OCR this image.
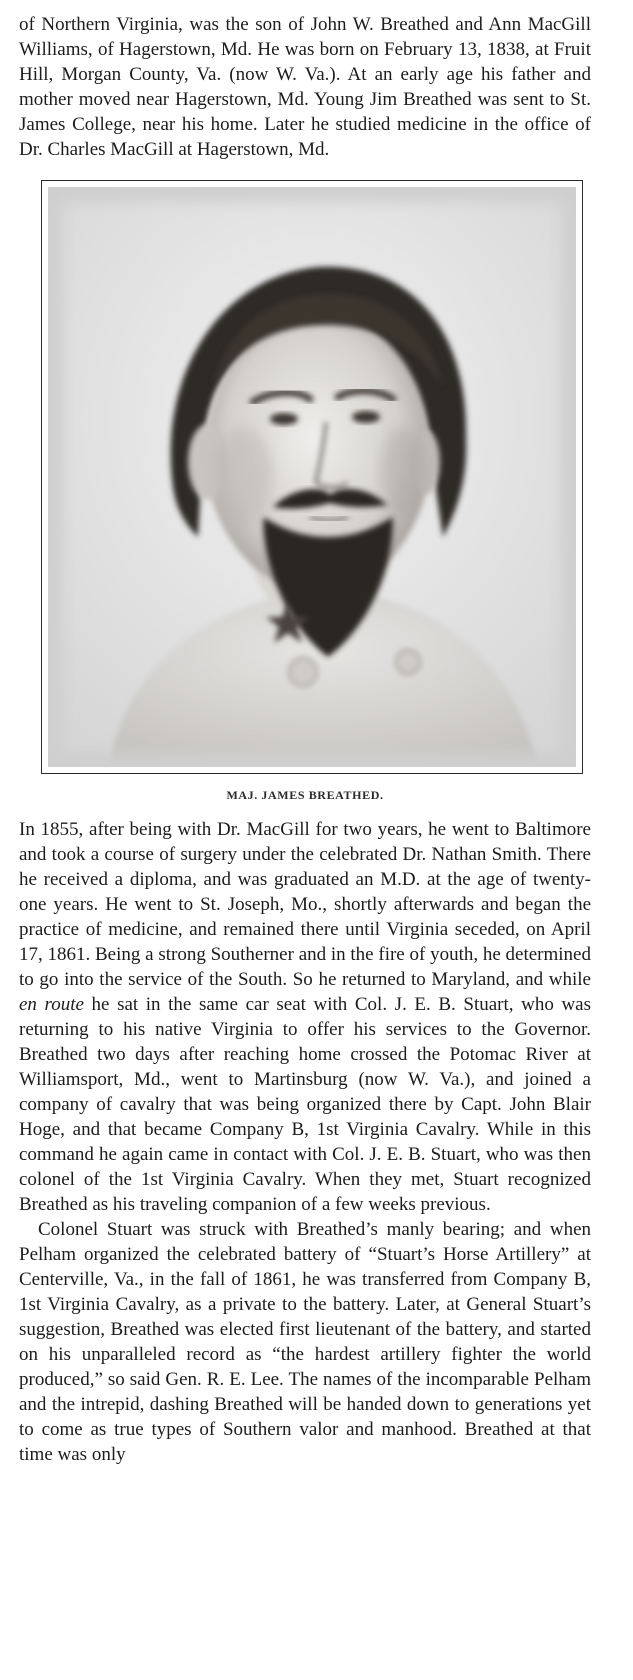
of Northern Virginia, was the son of John W. Breathed and Ann MacGill Williams, of Hagerstown, Md. He was born on February 13, 1838, at Fruit Hill, Morgan County, Va. (now W. Va.). At an early age his father and mother moved near Hagerstown, Md. Young Jim Breathed was sent to St. James College, near his home. Later he studied medicine in the office of Dr. Charles MacGill at Hagerstown, Md.

MAJ. JAMES BREATHED.

In 1855, after being with Dr. MacGill for two years, he went to Baltimore and took a course of surgery under the celebrated Dr. Nathan Smith. There he received a diploma, and was graduated an M.D. at the age of twenty-one years. He went to St. Joseph, Mo., shortly afterwards and began the practice of medicine, and remained there until Virginia seceded, on April 17, 1861. Being a strong Southerner and in the fire of youth, he determined to go into the service of the South. So he returned to Maryland, and while en route he sat in the same car seat with Col. J. E. B. Stuart, who was returning to his native Virginia to offer his services to the Governor. Breathed two days after reaching home crossed the Potomac River at Williamsport, Md., went to Martinsburg (now W. Va.), and joined a company of cavalry that was being organized there by Capt. John Blair Hoge, and that became Company B, 1st Virginia Cavalry. While in this command he again came in contact with Col. J. E. B. Stuart, who was then colonel of the 1st Virginia Cavalry. When they met, Stuart recognized Breathed as his traveling companion of a few weeks previous.

Colonel Stuart was struck with Breathed’s manly bearing; and when Pelham organized the celebrated battery of “Stuart’s Horse Artillery” at Centerville, Va., in the fall of 1861, he was transferred from Company B, 1st Virginia Cavalry, as a private to the battery. Later, at General Stuart’s suggestion, Breathed was elected first lieutenant of the battery, and started on his unparalleled record as “the hardest artillery fighter the world produced,” so said Gen. R. E. Lee. The names of the incomparable Pelham and the intrepid, dashing Breathed will be handed down to generations yet to come as true types of Southern valor and manhood. Breathed at that time was only
